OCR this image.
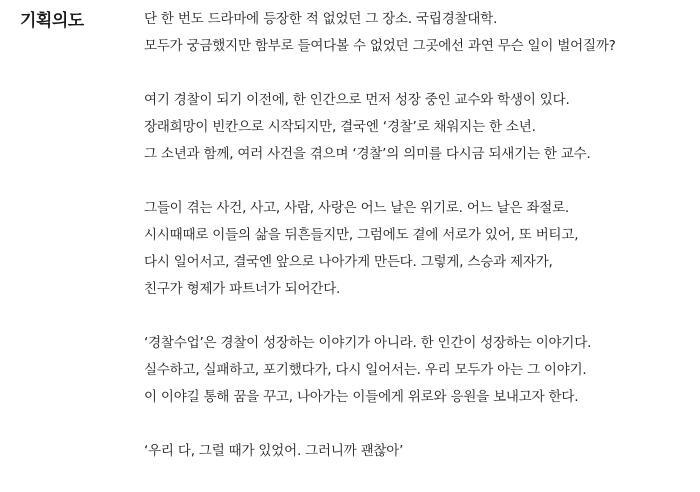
기획의도	단 한 번도 드라마에 등장한 적 없었던 그 장소. 국립경찰대학.
모두가 궁금했지만 함부로 들여다볼 수 없었던 그곳에선 과연 무슨 일이 벌어질까?
여기 경찰이 되기 이전에, 한 인간으로 먼저 성장 중인 교수와 학생이 있다.
장래희망이 빈칸으로 시작되지만, 결국엔 ‘경찰’로 채워지는 한 소년.
그 소년과 함께, 여러 사건을 겪으며 ‘경찰’의 의미를 다시금 되새기는 한 교수.
그들이 겪는 사건, 사고, 사람, 사랑은 어느 날은 위기로. 어느 날은 좌절로.
시시때때로 이들의 삶을 뒤흔들지만, 그럼에도 곁에 서로가 있어, 또 버티고,
다시 일어서고, 결국엔 앞으로 나아가게 만든다. 그렇게, 스승과 제자가,
친구가 형제가 파트너가 되어간다.
‘경찰수업’은 경찰이 성장하는 이야기가 아니라. 한 인간이 성장하는 이야기다.
실수하고, 실패하고, 포기했다가, 다시 일어서는. 우리 모두가 아는 그 이야기.
이 이야길 통해 꿈을 꾸고, 나아가는 이들에게 위로와 응원을 보내고자 한다.
‘우리 다, 그럴 때가 있었어. 그러니까 괜찮아’
